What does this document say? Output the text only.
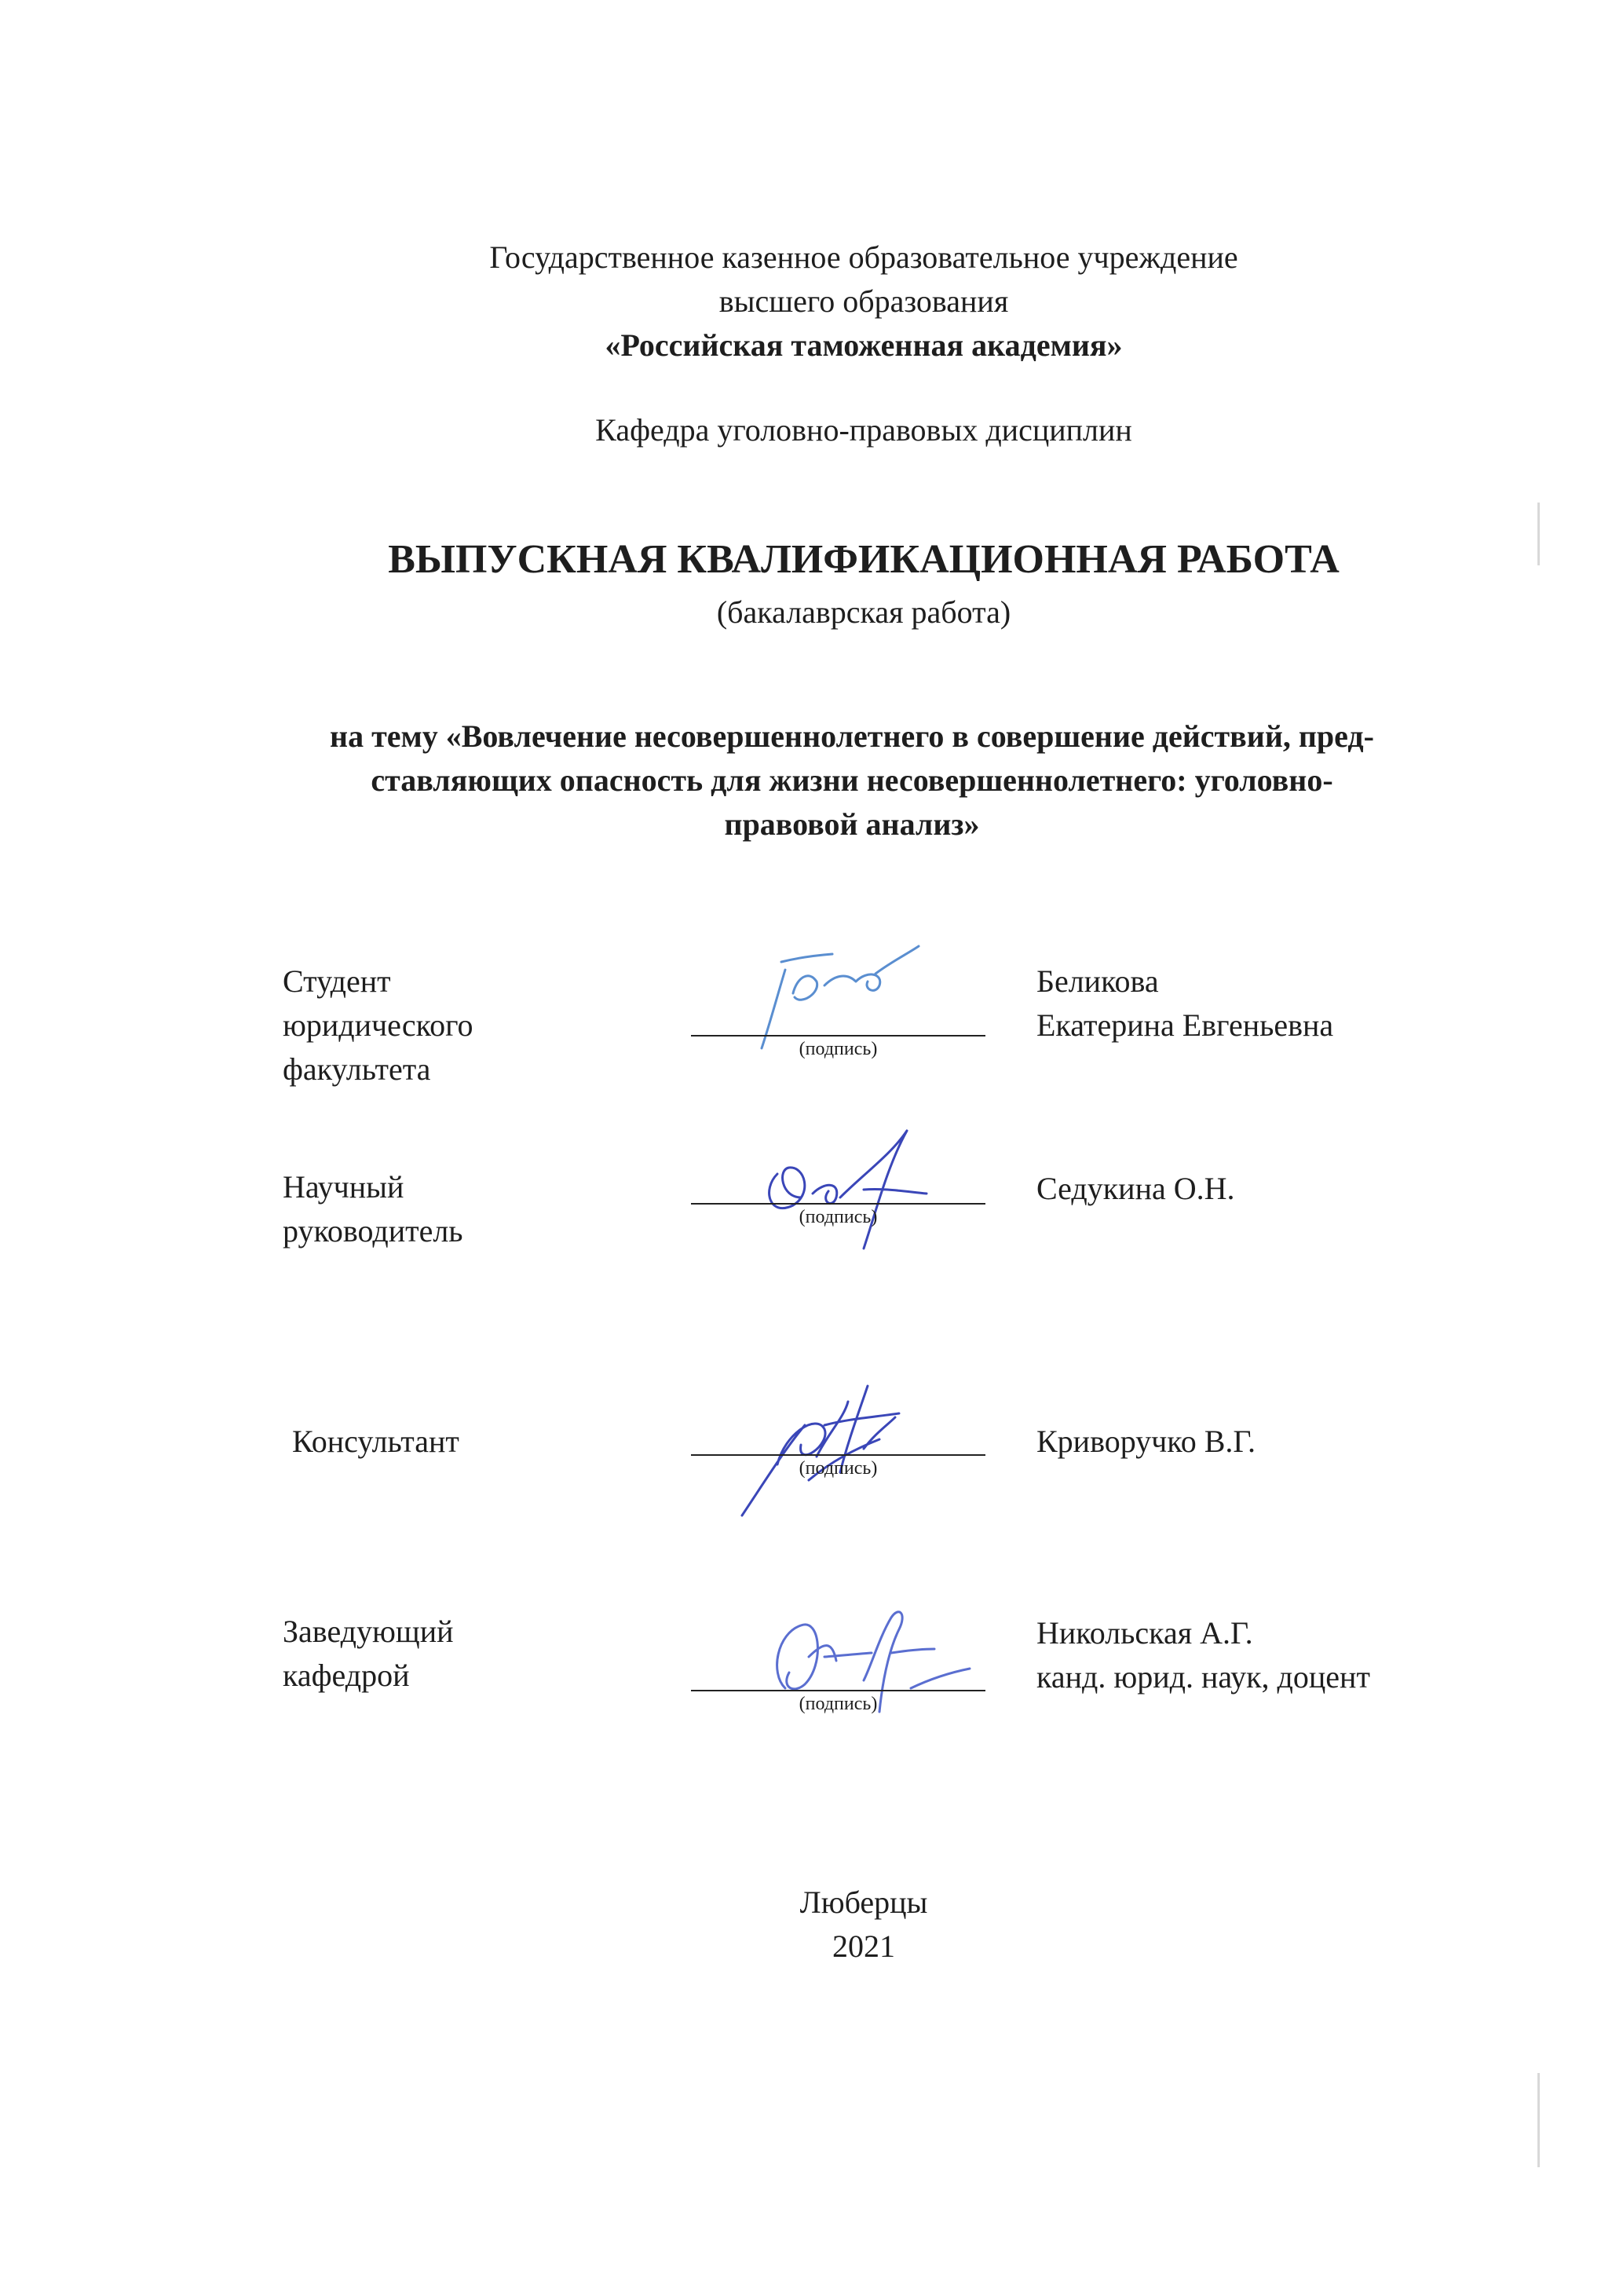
Государственное казенное образовательное учреждение
высшего образования
«Российская таможенная академия»
Кафедра уголовно-правовых дисциплин
ВЫПУСКНАЯ КВАЛИФИКАЦИОННАЯ РАБОТА
(бакалаврская работа)
на тему «Вовлечение несовершеннолетнего в совершение действий, пред-
ставляющих опасность для жизни несовершеннолетнего: уголовно-
правовой анализ»
Студент
юридического
факультета
(подпись)
Беликова
Екатерина Евгеньевна
Научный
руководитель	(подпись)
Седукина О.Н.
Консультант
(подпись)
Криворучко В.Г.
Заведующий
кафедрой
(подпись)
Никольская А.Г.
канд. юрид. наук, доцент
Люберцы
2021
